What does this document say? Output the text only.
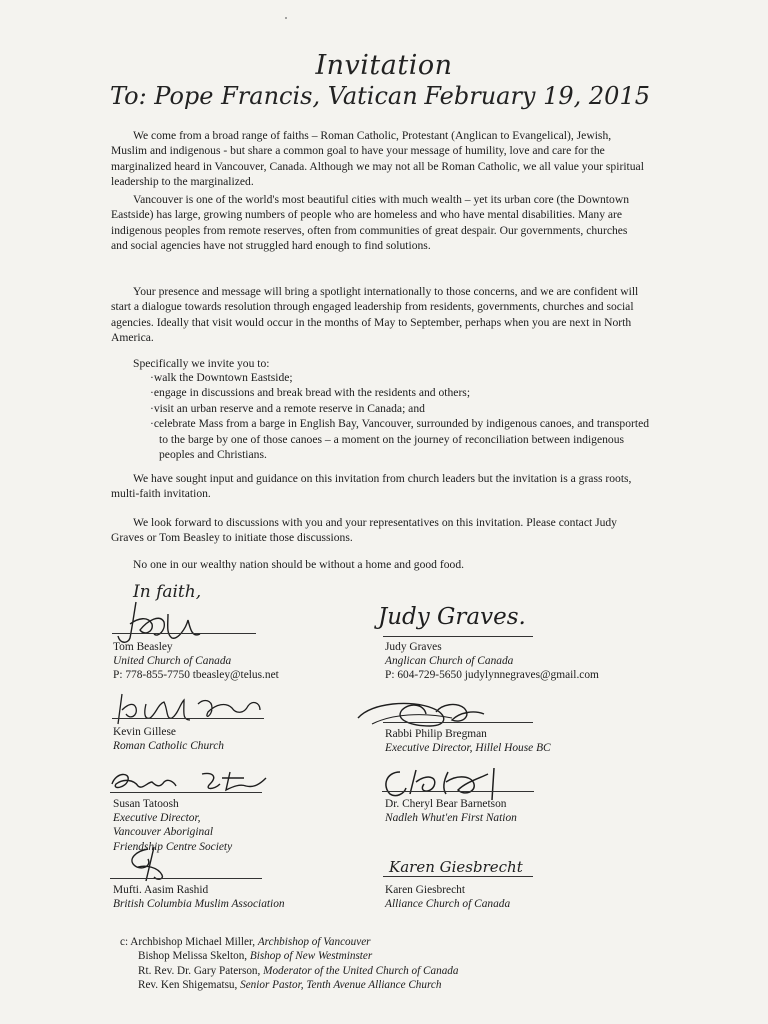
Invitation
To: Pope Francis, Vatican February 19, 2015

We come from a broad range of faiths – Roman Catholic, Protestant (Anglican to Evangelical), Jewish, Muslim and indigenous - but share a common goal to have your message of humility, love and care for the marginalized heard in Vancouver, Canada. Although we may not all be Roman Catholic, we all value your spiritual leadership to the marginalized.

Vancouver is one of the world's most beautiful cities with much wealth – yet its urban core (the Downtown Eastside) has large, growing numbers of people who are homeless and who have mental disabilities. Many are indigenous peoples from remote reserves, often from communities of great despair. Our governments, churches and social agencies have not struggled hard enough to find solutions.

Your presence and message will bring a spotlight internationally to those concerns, and we are confident will start a dialogue towards resolution through engaged leadership from residents, governments, churches and social agencies. Ideally that visit would occur in the months of May to September, perhaps when you are next in North America.

Specifically we invite you to:

· walk the Downtown Eastside;
· engage in discussions and break bread with the residents and others;
· visit an urban reserve and a remote reserve in Canada; and
· celebrate Mass from a barge in English Bay, Vancouver, surrounded by indigenous canoes, and transported to the barge by one of those canoes – a moment on the journey of reconciliation between indigenous peoples and Christians.

We have sought input and guidance on this invitation from church leaders but the invitation is a grass roots, multi-faith invitation.

We look forward to discussions with you and your representatives on this invitation. Please contact Judy Graves or Tom Beasley to initiate those discussions.

No one in our wealthy nation should be without a home and good food.

In faith,
Tom Beasley
United Church of Canada
P: 778-855-7750 tbeasley@telus.net
Judy Graves.
Judy Graves
Anglican Church of Canada
P: 604-729-5650 judylynnegraves@gmail.com
Kevin Gillese
Roman Catholic Church
Rabbi Philip Bregman
Executive Director, Hillel House BC
Susan Tatoosh
Executive Director,
Vancouver Aboriginal
Friendship Centre Society
Dr. Cheryl Bear Barnetson
Nadleh Whut'en First Nation
Mufti. Aasim Rashid
British Columbia Muslim Association
Karen Giesbrecht
Karen Giesbrecht
Alliance Church of Canada
c: Archbishop Michael Miller, Archbishop of Vancouver
Bishop Melissa Skelton, Bishop of New Westminster
Rt. Rev. Dr. Gary Paterson, Moderator of the United Church of Canada
Rev. Ken Shigematsu, Senior Pastor, Tenth Avenue Alliance Church
